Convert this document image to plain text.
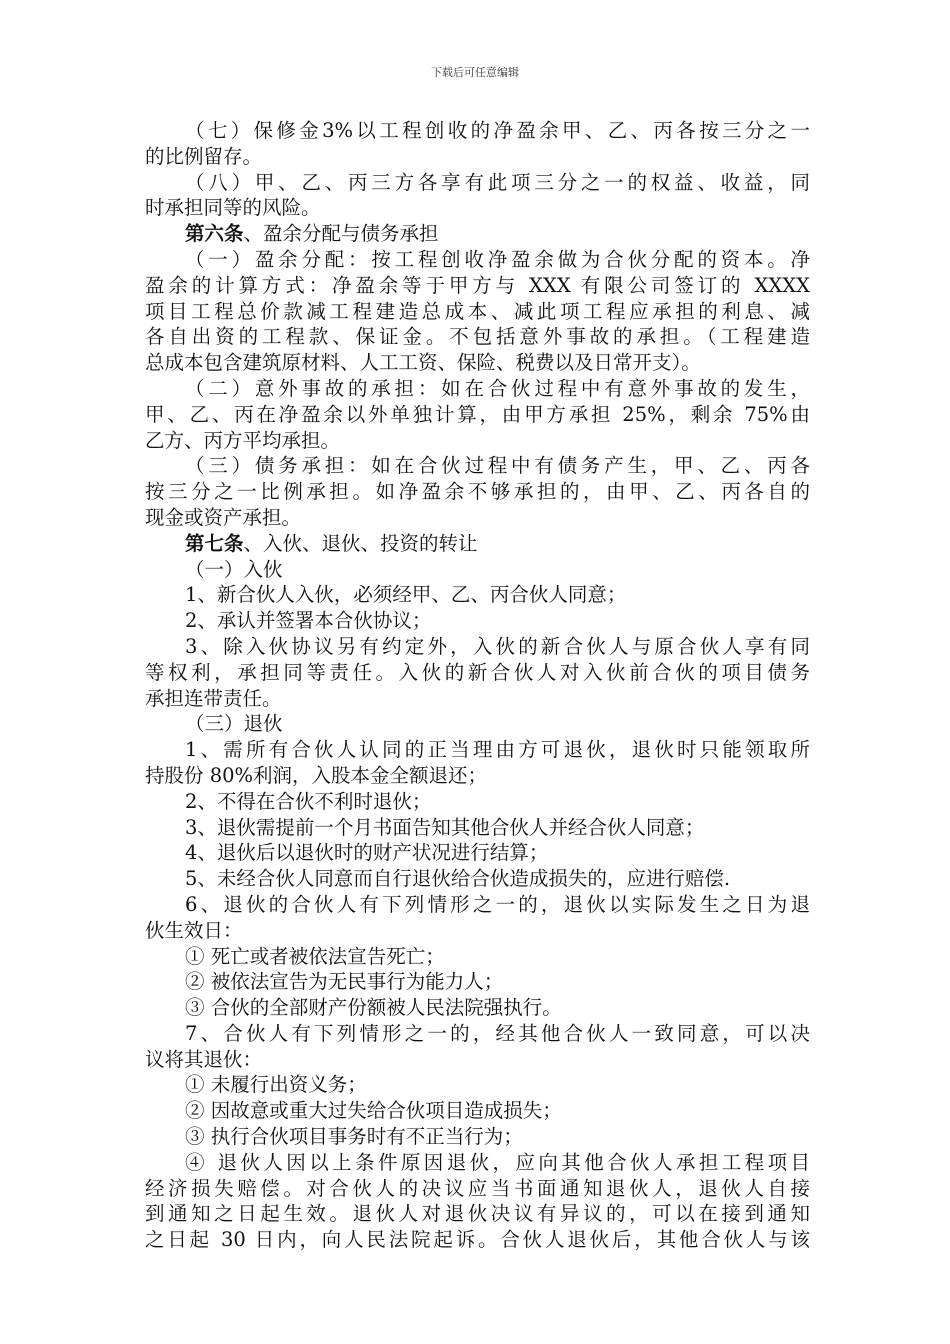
下载后可任意编辑
（七）保修金3%以工程创收的净盈余甲、乙、丙各按三分之一
的比例留存。
（八）甲、乙、丙三方各享有此项三分之一的权益、收益，同
时承担同等的风险。
第六条、盈余分配与债务承担
（一）盈余分配：按工程创收净盈余做为合伙分配的资本。净
盈余的计算方式：净盈余等于甲方与 XXX 有限公司签订的 XXXX
项目工程总价款减工程建造总成本、减此项工程应承担的利息、减
各自出资的工程款、保证金。不包括意外事故的承担。（工程建造
总成本包含建筑原材料、人工工资、保险、税费以及日常开支）。
（二）意外事故的承担：如在合伙过程中有意外事故的发生，
甲、乙、丙在净盈余以外单独计算，由甲方承担 25%，剩余 75%由
乙方、丙方平均承担。
（三）债务承担：如在合伙过程中有债务产生，甲、乙、丙各
按三分之一比例承担。如净盈余不够承担的，由甲、乙、丙各自的
现金或资产承担。
第七条、入伙、退伙、投资的转让
（一）入伙
1、新合伙人入伙，必须经甲、乙、丙合伙人同意；
2、承认并签署本合伙协议；
3、除入伙协议另有约定外，入伙的新合伙人与原合伙人享有同
等权利，承担同等责任。入伙的新合伙人对入伙前合伙的项目债务
承担连带责任。
（三）退伙
1、需所有合伙人认同的正当理由方可退伙，退伙时只能领取所
持股份 80%利润，入股本金全额退还；
2、不得在合伙不利时退伙；
3、退伙需提前一个月书面告知其他合伙人并经合伙人同意；
4、退伙后以退伙时的财产状况进行结算；
5、未经合伙人同意而自行退伙给合伙造成损失的，应进行赔偿.
6、退伙的合伙人有下列情形之一的，退伙以实际发生之日为退
伙生效日：
① 死亡或者被依法宣告死亡；
② 被依法宣告为无民事行为能力人；
③ 合伙的全部财产份额被人民法院强执行。
7、合伙人有下列情形之一的，经其他合伙人一致同意，可以决
议将其退伙：
① 未履行出资义务；
② 因故意或重大过失给合伙项目造成损失；
③ 执行合伙项目事务时有不正当行为；
④ 退伙人因以上条件原因退伙，应向其他合伙人承担工程项目
经济损失赔偿。对合伙人的决议应当书面通知退伙人，退伙人自接
到通知之日起生效。退伙人对退伙决议有异议的，可以在接到通知
之日起 30 日内，向人民法院起诉。合伙人退伙后，其他合伙人与该
